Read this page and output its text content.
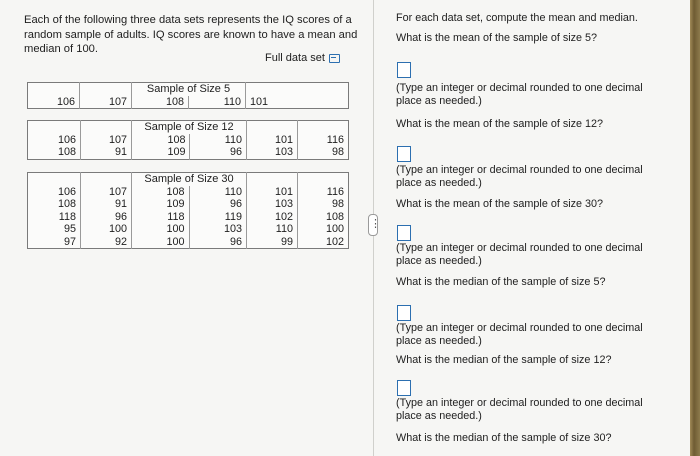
Each of the following three data sets represents the IQ scores of a random sample of adults. IQ scores are known to have a mean and median of 100.

Full data set

		Sample of Size 5		

106	107	108	110	101

		Sample of Size 12			

106	107	108	110	101	116
108	91	109	96	103	98

		Sample of Size 30			

106	107	108	110	101	116
108	91	109	96	103	98
118	96	118	119	102	108
95	100	100	103	110	100
97	92	100	96	99	102
⋮
For each data set, compute the mean and median.
What is the mean of the sample of size 5?
(Type an integer or decimal rounded to one decimal place as needed.)
What is the mean of the sample of size 12?
(Type an integer or decimal rounded to one decimal place as needed.)
What is the mean of the sample of size 30?
(Type an integer or decimal rounded to one decimal place as needed.)
What is the median of the sample of size 5?
(Type an integer or decimal rounded to one decimal place as needed.)
What is the median of the sample of size 12?
(Type an integer or decimal rounded to one decimal place as needed.)
What is the median of the sample of size 30?
